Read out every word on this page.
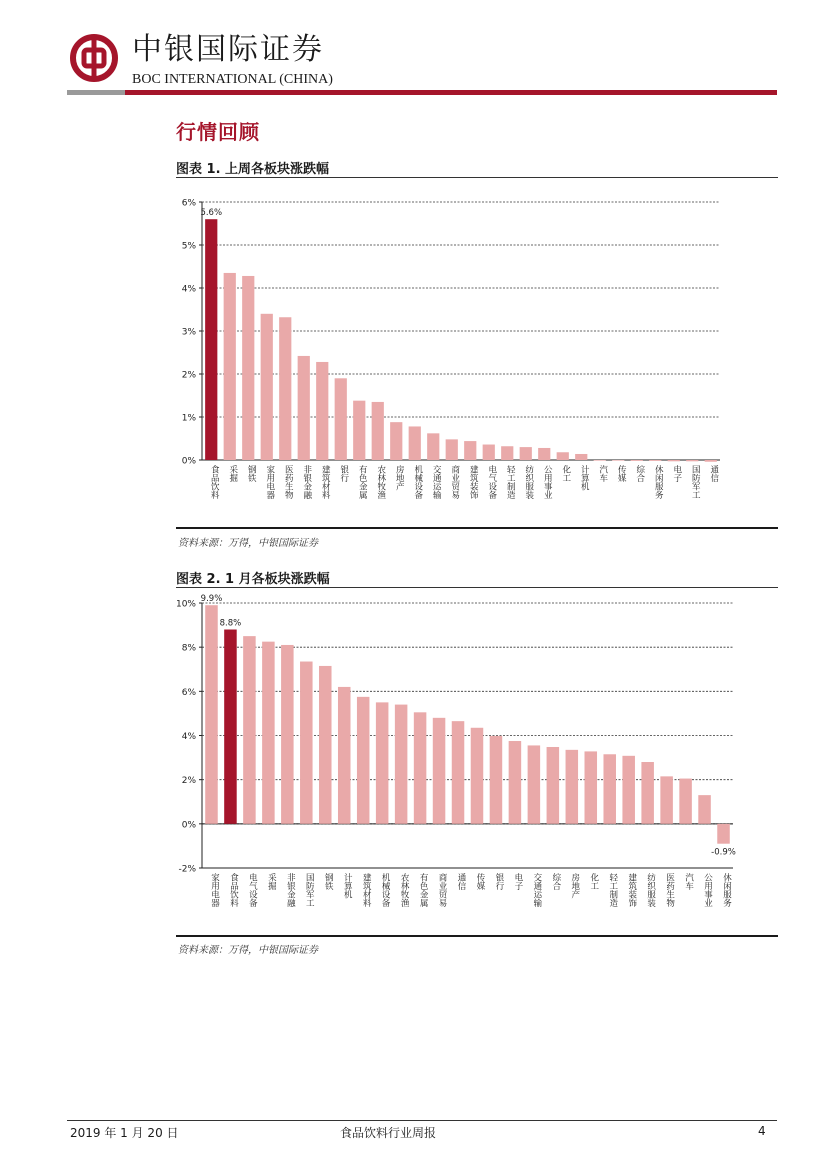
中银国际证券
BOC INTERNATIONAL (CHINA)
行情回顾
图表 1. 上周各板块涨跌幅
0%
1%
2%
3%
4%
5%
6%
食品饮料
5.6%
采掘 钢铁 家用电器 医药生物 非银金融 建筑材料 银行 有色金属 农林牧渔 房地产 机械设备 交通运输 商业贸易 建筑装饰 电气设备 轻工制造 纺织服装 公用事业 化工 计算机 汽车 传媒 综合 休闲服务 电子 国防军工 通信
资料来源：万得，中银国际证券
图表 2. 1 月各板块涨跌幅
-2%
0%
2%
4%
6%
8%
10%
家用电器
9.9%
食品饮料
8.8%
电气设备 采掘 非银金融 国防军工 钢铁 计算机 建筑材料 机械设备 农林牧渔 有色金属 商业贸易 通信 传媒 银行 电子 交通运输 综合 房地产 化工 轻工制造 建筑装饰 纺织服装 医药生物 汽车 公用事业 休闲服务
-0.9%
资料来源：万得，中银国际证券
2019 年 1 月 20 日	食品饮料行业周报	4
